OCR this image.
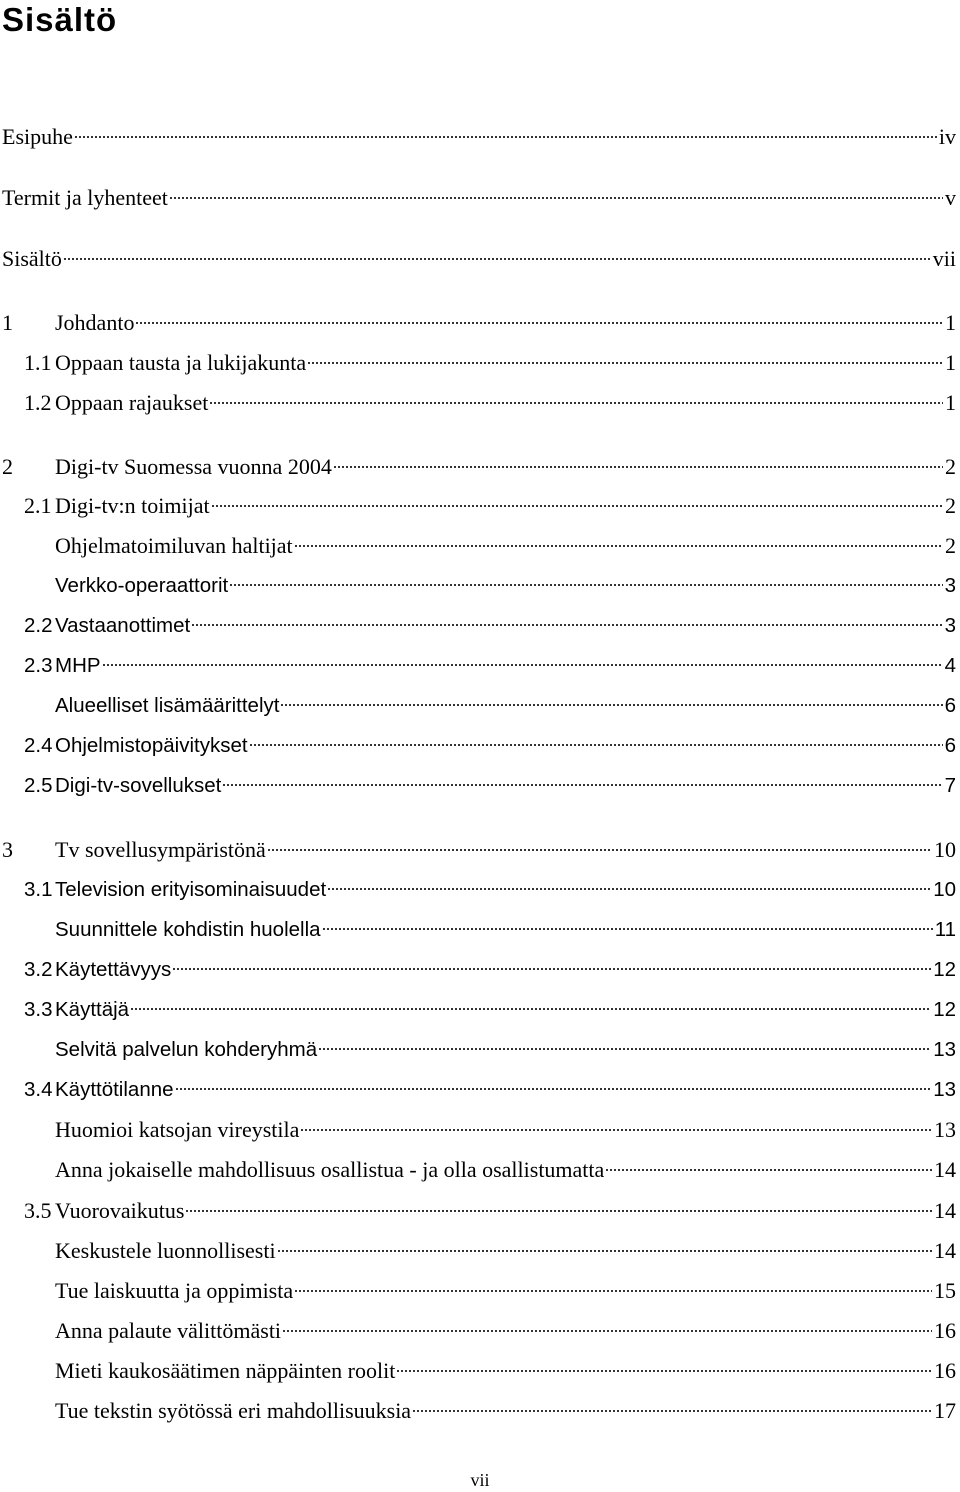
Sisältö
Esipuhe	iv
Termit ja lyhenteet	v
Sisältö	vii
1	Johdanto	1
1.1 Oppaan tausta ja lukijakunta	1
1.2 Oppaan rajaukset	1
2	Digi-tv Suomessa vuonna 2004	2
2.1 Digi-tv:n toimijat	2
Ohjelmatoimiluvan haltijat	2
Verkko-operaattorit	3
2.2 Vastaanottimet	3
2.3 MHP	4
Alueelliset lisämäärittelyt	6
2.4 Ohjelmistopäivitykset	6
2.5 Digi-tv-sovellukset	7
3	Tv sovellusympäristönä	10
3.1 Television erityisominaisuudet	10
Suunnittele kohdistin huolella	11
3.2 Käytettävyys	12
3.3 Käyttäjä	12
Selvitä palvelun kohderyhmä	13
3.4 Käyttötilanne	13
Huomioi katsojan vireystila	13
Anna jokaiselle mahdollisuus osallistua - ja olla osallistumatta	14
3.5 Vuorovaikutus	14
Keskustele luonnollisesti	14
Tue laiskuutta ja oppimista	15
Anna palaute välittömästi	16
Mieti kaukosäätimen näppäinten roolit	16
Tue tekstin syötössä eri mahdollisuuksia	17
vii
